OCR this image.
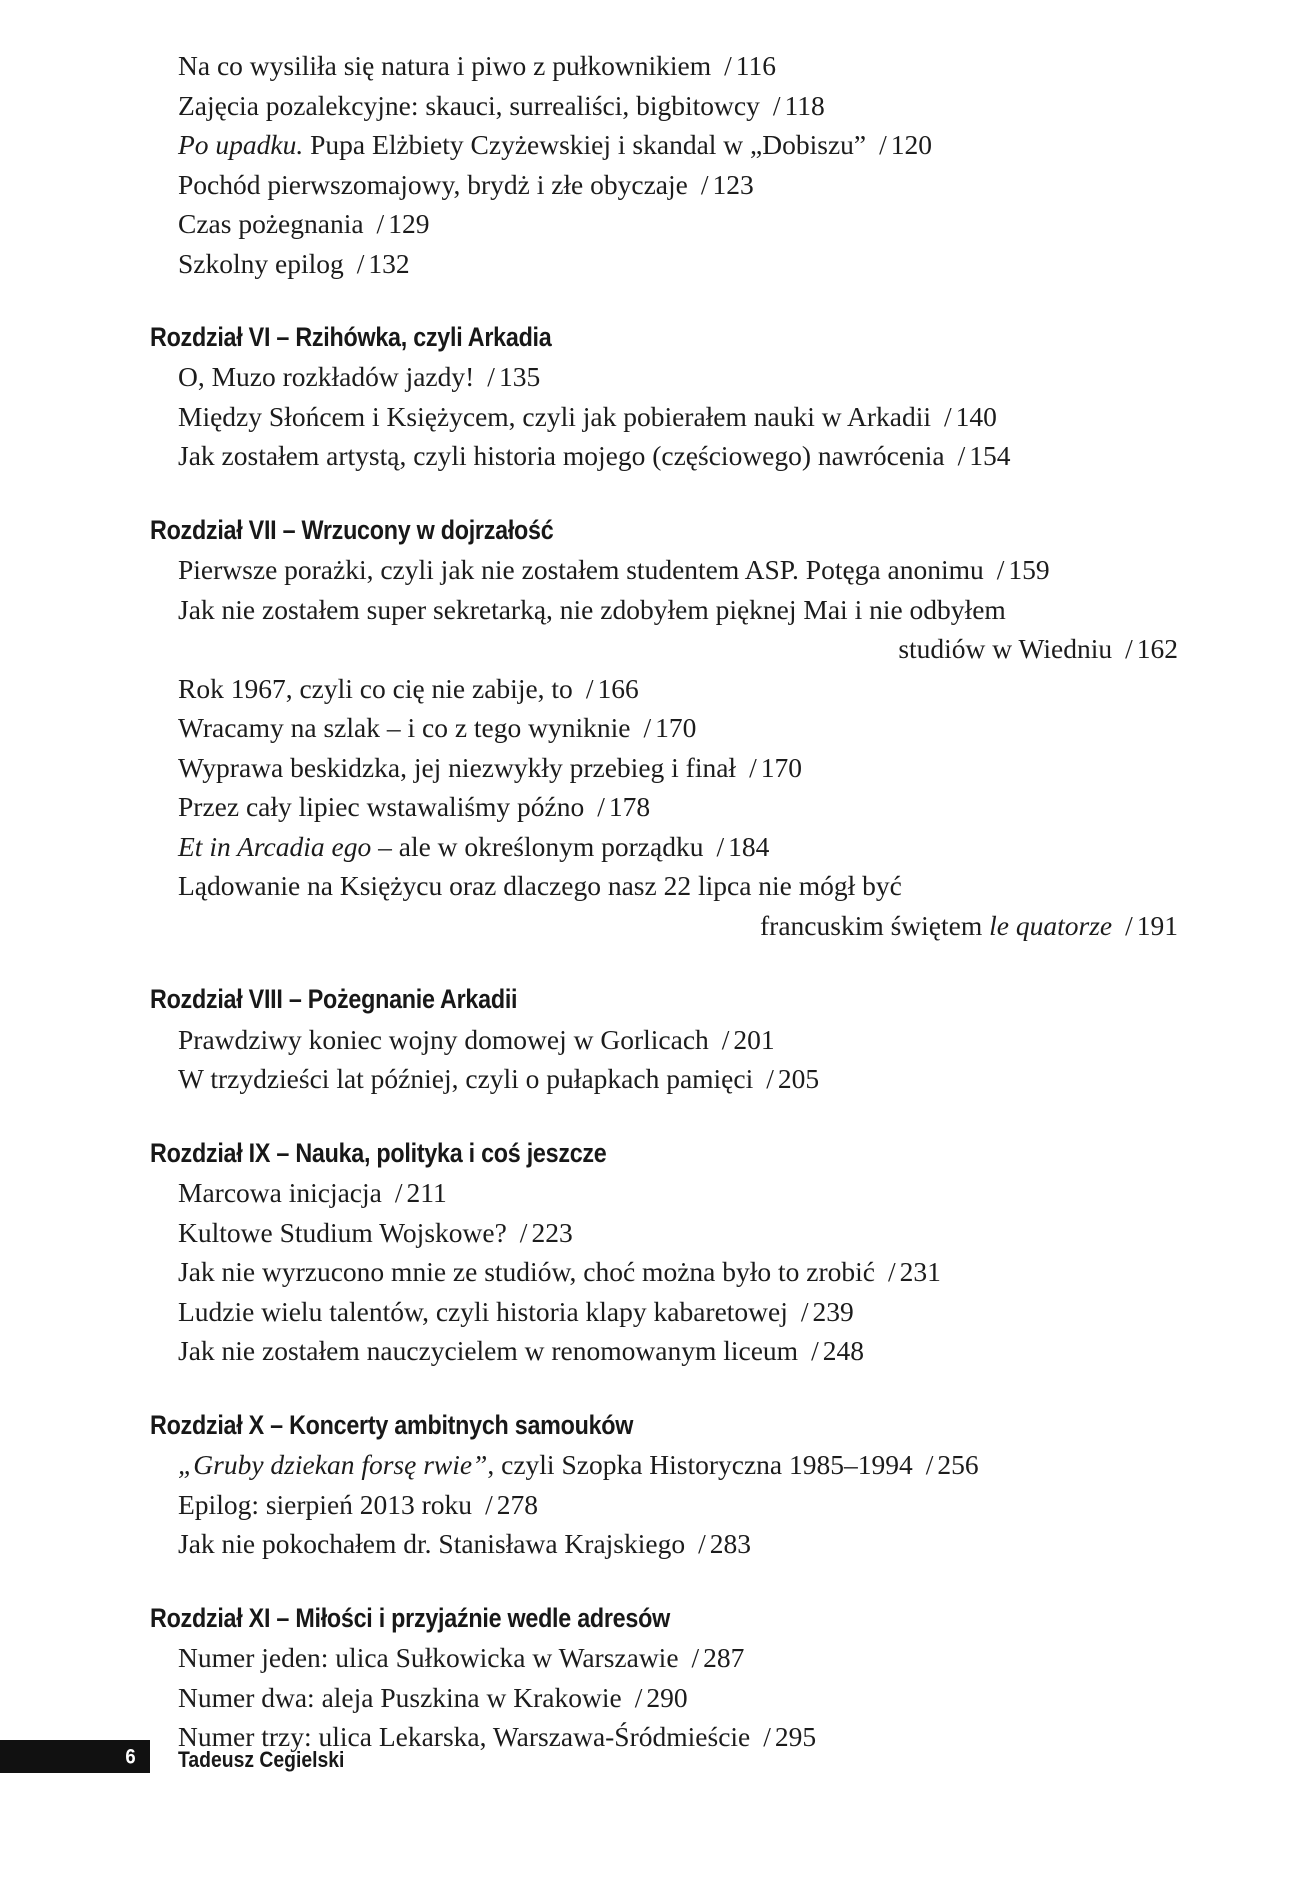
Na co wysiliła się natura i piwo z pułkownikiem / 116
Zajęcia pozalekcyjne: skauci, surrealiści, bigbitowcy / 118
Po upadku. Pupa Elżbiety Czyżewskiej i skandal w „Dobiszu” / 120
Pochód pierwszomajowy, brydż i złe obyczaje / 123
Czas pożegnania / 129
Szkolny epilog / 132
Rozdział VI – Rzihówka, czyli Arkadia
O, Muzo rozkładów jazdy! / 135
Między Słońcem i Księżycem, czyli jak pobierałem nauki w Arkadii / 140
Jak zostałem artystą, czyli historia mojego (częściowego) nawrócenia / 154
Rozdział VII – Wrzucony w dojrzałość
Pierwsze porażki, czyli jak nie zostałem studentem ASP. Potęga anonimu / 159
Jak nie zostałem super sekretarką, nie zdobyłem pięknej Mai i nie odbyłem
studiów w Wiedniu / 162
Rok 1967, czyli co cię nie zabije, to / 166
Wracamy na szlak – i co z tego wyniknie / 170
Wyprawa beskidzka, jej niezwykły przebieg i finał / 170
Przez cały lipiec wstawaliśmy późno / 178
Et in Arcadia ego – ale w określonym porządku / 184
Lądowanie na Księżycu oraz dlaczego nasz 22 lipca nie mógł być
francuskim świętem le quatorze / 191
Rozdział VIII – Pożegnanie Arkadii
Prawdziwy koniec wojny domowej w Gorlicach / 201
W trzydzieści lat później, czyli o pułapkach pamięci / 205
Rozdział IX – Nauka, polityka i coś jeszcze
Marcowa inicjacja / 211
Kultowe Studium Wojskowe? / 223
Jak nie wyrzucono mnie ze studiów, choć można było to zrobić / 231
Ludzie wielu talentów, czyli historia klapy kabaretowej / 239
Jak nie zostałem nauczycielem w renomowanym liceum / 248
Rozdział X – Koncerty ambitnych samouków
„Gruby dziekan forsę rwie”, czyli Szopka Historyczna 1985–1994 / 256
Epilog: sierpień 2013 roku / 278
Jak nie pokochałem dr. Stanisława Krajskiego / 283
Rozdział XI – Miłości i przyjaźnie wedle adresów
Numer jeden: ulica Sułkowicka w Warszawie / 287
Numer dwa: aleja Puszkina w Krakowie / 290
Numer trzy: ulica Lekarska, Warszawa-Śródmieście / 295
6 Tadeusz Cegielski
